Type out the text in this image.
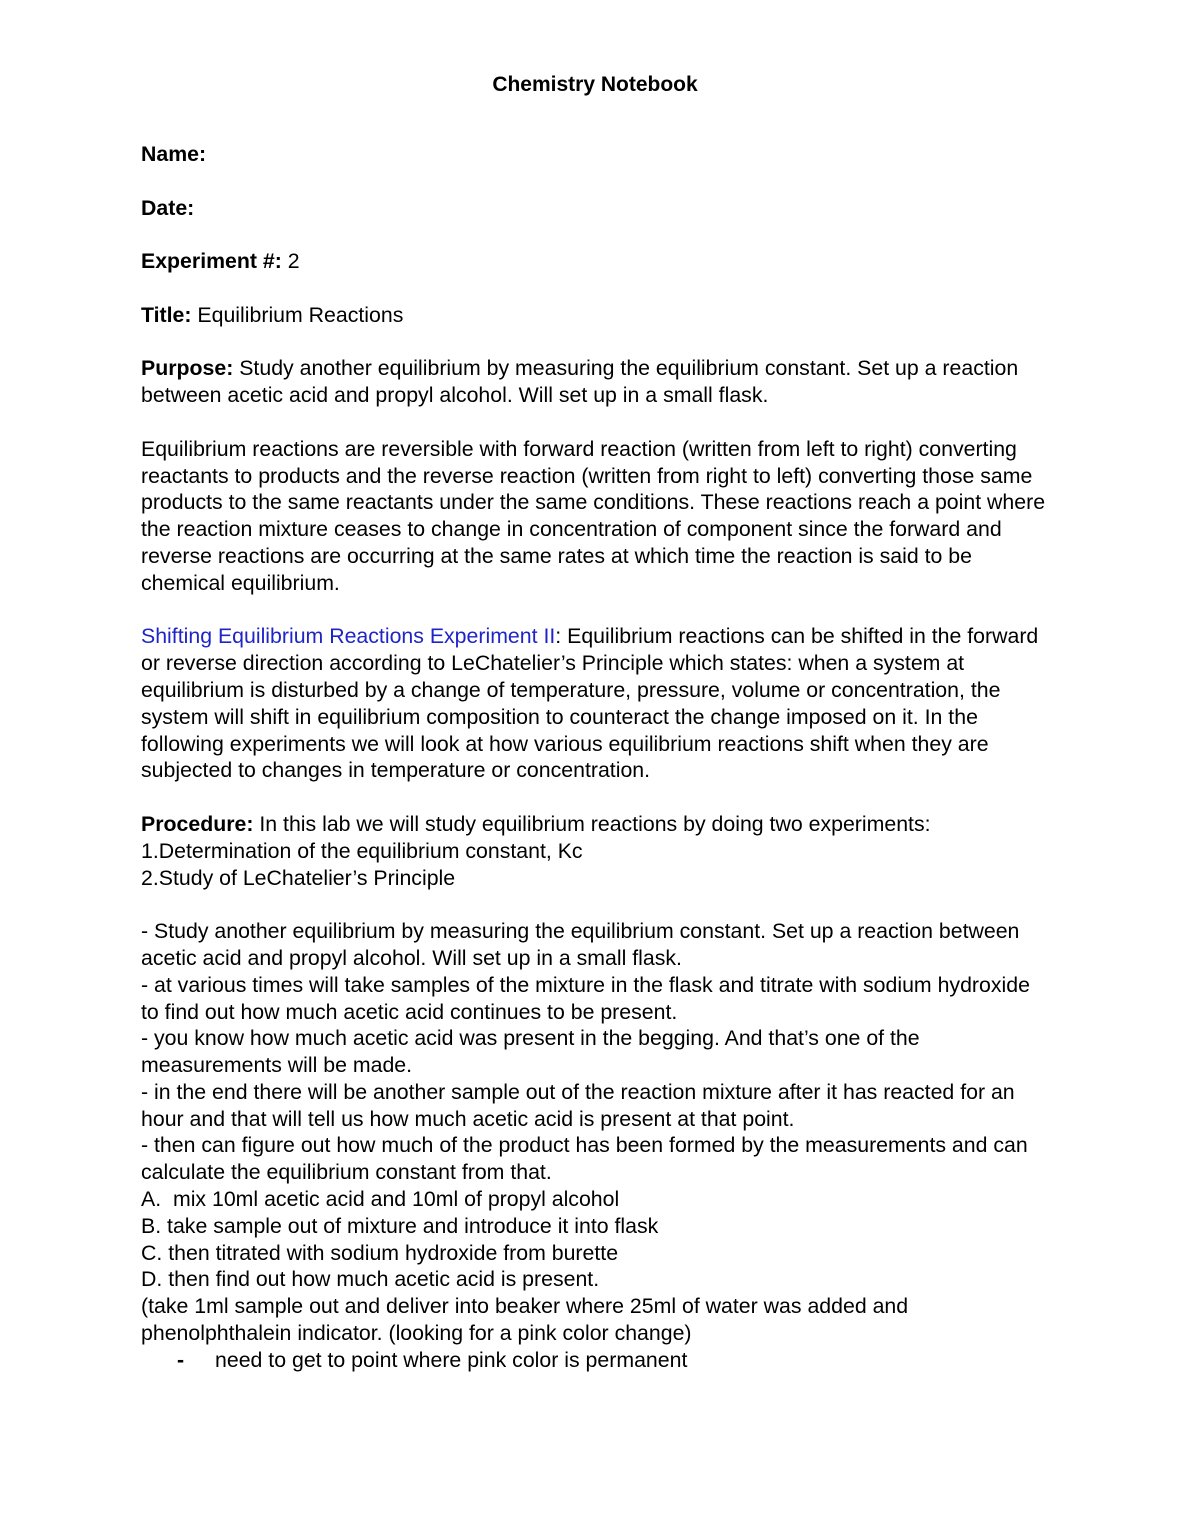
Chemistry Notebook

Name:

Date:

Experiment #: 2

Title: Equilibrium Reactions

Purpose: Study another equilibrium by measuring the equilibrium constant. Set up a reaction between acetic acid and propyl alcohol. Will set up in a small flask.

Equilibrium reactions are reversible with forward reaction (written from left to right) converting reactants to products and the reverse reaction (written from right to left) converting those same products to the same reactants under the same conditions. These reactions reach a point where the reaction mixture ceases to change in concentration of component since the forward and reverse reactions are occurring at the same rates at which time the reaction is said to be chemical equilibrium.

Shifting Equilibrium Reactions Experiment II: Equilibrium reactions can be shifted in the forward or reverse direction according to LeChatelier’s Principle which states: when a system at equilibrium is disturbed by a change of temperature, pressure, volume or concentration, the system will shift in equilibrium composition to counteract the change imposed on it. In the following experiments we will look at how various equilibrium reactions shift when they are subjected to changes in temperature or concentration.

Procedure: In this lab we will study equilibrium reactions by doing two experiments:

1.Determination of the equilibrium constant, Kc

2.Study of LeChatelier’s Principle

- Study another equilibrium by measuring the equilibrium constant. Set up a reaction between acetic acid and propyl alcohol. Will set up in a small flask.

- at various times will take samples of the mixture in the flask and titrate with sodium hydroxide to find out how much acetic acid continues to be present.

- you know how much acetic acid was present in the begging. And that’s one of the measurements will be made.

- in the end there will be another sample out of the reaction mixture after it has reacted for an hour and that will tell us how much acetic acid is present at that point.

- then can figure out how much of the product has been formed by the measurements and can calculate the equilibrium constant from that.

A.  mix 10ml acetic acid and 10ml of propyl alcohol

B. take sample out of mixture and introduce it into flask

C. then titrated with sodium hydroxide from burette

D. then find out how much acetic acid is present.

(take 1ml sample out and deliver into beaker where 25ml of water was added and phenolphthalein indicator. (looking for a pink color change)

-	need to get to point where pink color is permanent
